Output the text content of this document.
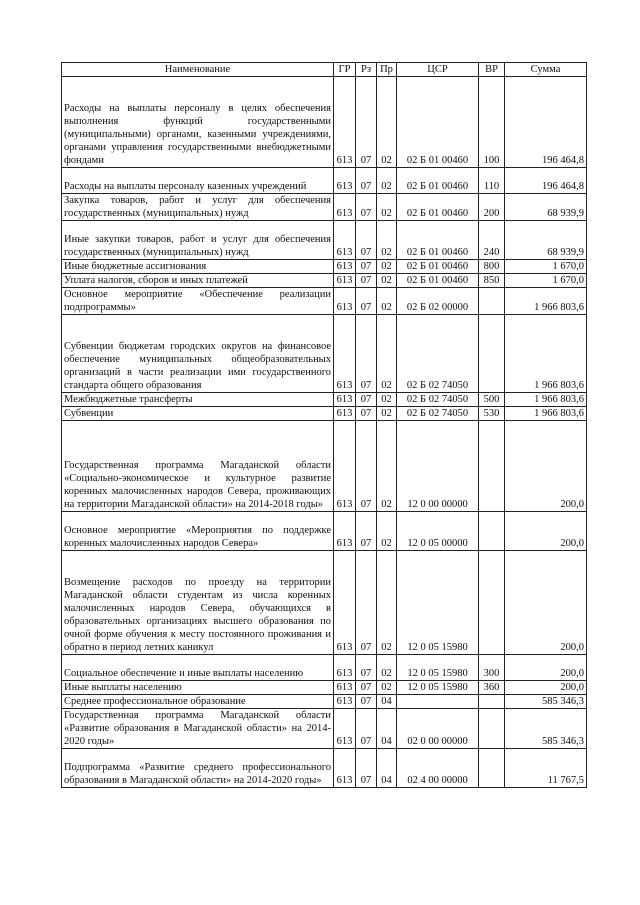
Наименование	ГР	Рз	Пр	ЦСР	ВР	Сумма
Расходы на выплаты персоналу в целях обеспечения выполнения функций государственными (муниципальными) органами, казенными учреждениями, органами управления государственными внебюджетными фондами	613	07	02	02 Б 01 00460	100	196 464,8
Расходы на выплаты персоналу казенных учреждений	613	07	02	02 Б 01 00460	110	196 464,8
Закупка товаров, работ и услуг для обеспечения государственных (муниципальных) нужд	613	07	02	02 Б 01 00460	200	68 939,9
Иные закупки товаров, работ и услуг для обеспечения государственных (муниципальных) нужд	613	07	02	02 Б 01 00460	240	68 939,9
Иные бюджетные ассигнования	613	07	02	02 Б 01 00460	800	1 670,0
Уплата налогов, сборов и иных платежей	613	07	02	02 Б 01 00460	850	1 670,0
Основное мероприятие «Обеспечение реализации подпрограммы»	613	07	02	02 Б 02 00000		1 966 803,6
Субвенции бюджетам городских округов на финансовое обеспечение муниципальных общеобразовательных организаций в части реализации ими государственного стандарта общего образования	613	07	02	02 Б 02 74050		1 966 803,6
Межбюджетные трансферты	613	07	02	02 Б 02 74050	500	1 966 803,6
Субвенции	613	07	02	02 Б 02 74050	530	1 966 803,6
Государственная программа Магаданской области «Социально-экономическое и культурное развитие коренных малочисленных народов Севера, проживающих на территории Магаданской области» на 2014-2018 годы»	613	07	02	12 0 00 00000		200,0
Основное мероприятие «Мероприятия по поддержке коренных малочисленных народов Севера»	613	07	02	12 0 05 00000		200,0
Возмещение расходов по проезду на территории Магаданской области студентам из числа коренных малочисленных народов Севера, обучающихся в образовательных организациях высшего образования по очной форме обучения к месту постоянного проживания и обратно в период летних каникул	613	07	02	12 0 05 15980		200,0
Социальное обеспечение и иные выплаты населению	613	07	02	12 0 05 15980	300	200,0
Иные выплаты населению	613	07	02	12 0 05 15980	360	200,0
Среднее профессиональное образование	613	07	04			585 346,3
Государственная программа Магаданской области «Развитие образования в Магаданской области» на 2014-2020 годы»	613	07	04	02 0 00 00000		585 346,3
Подпрограмма «Развитие среднего профессионального образования в Магаданской области» на 2014-2020 годы»	613	07	04	02 4 00 00000		11 767,5
